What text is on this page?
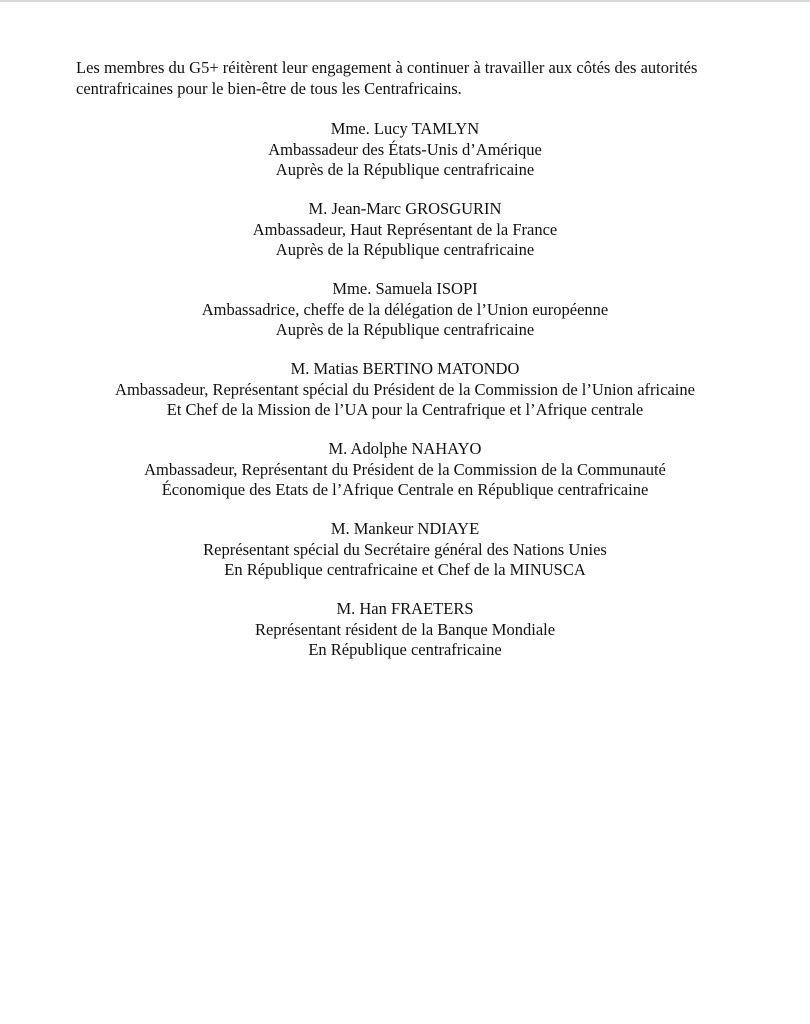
Les membres du G5+ réitèrent leur engagement à continuer à travailler aux côtés des autorités
centrafricaines pour le bien-être de tous les Centrafricains.

Mme. Lucy TAMLYN
Ambassadeur des États-Unis d’Amérique
Auprès de la République centrafricaine
M. Jean-Marc GROSGURIN
Ambassadeur, Haut Représentant de la France
Auprès de la République centrafricaine
Mme. Samuela ISOPI
Ambassadrice, cheffe de la délégation de l’Union européenne
Auprès de la République centrafricaine
M. Matias BERTINO MATONDO
Ambassadeur, Représentant spécial du Président de la Commission de l’Union africaine
Et Chef de la Mission de l’UA pour la Centrafrique et l’Afrique centrale
M. Adolphe NAHAYO
Ambassadeur, Représentant du Président de la Commission de la Communauté
Économique des Etats de l’Afrique Centrale en République centrafricaine
M. Mankeur NDIAYE
Représentant spécial du Secrétaire général des Nations Unies
En République centrafricaine et Chef de la MINUSCA
M. Han FRAETERS
Représentant résident de la Banque Mondiale
En République centrafricaine
